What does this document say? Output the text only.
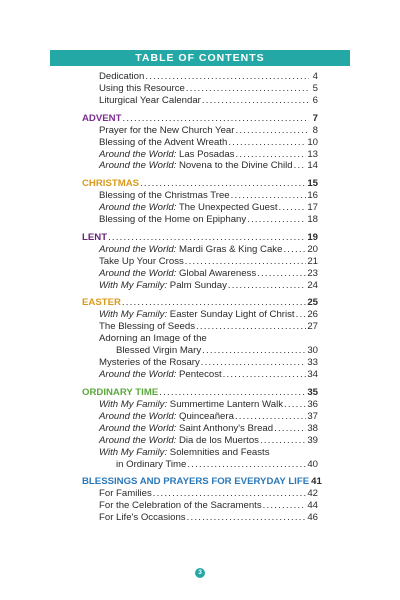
TABLE OF CONTENTS
Dedication .....	4
Using this Resource .....	5
Liturgical Year Calendar .....	6
ADVENT .....	7
Prayer for the New Church Year .....	8
Blessing of the Advent Wreath .....	10
Around the World: Las Posadas .....	13
Around the World: Novena to the Divine Child ..... 14
CHRISTMAS .....	15
Blessing of the Christmas Tree .....	16
Around the World: The Unexpected Guest .....	17
Blessing of the Home on Epiphany .....	18
LENT .....	19
Around the World: Mardi Gras & King Cake .....	20
Take Up Your Cross .....	21
Around the World: Global Awareness .....	23
With My Family: Palm Sunday .....	24
EASTER .....	25
With My Family: Easter Sunday Light of Christ ..... 26
The Blessing of Seeds .....	27
Adorning an Image of the
Blessed Virgin Mary .....	30
Mysteries of the Rosary .....	33
Around the World: Pentecost .....	34
ORDINARY TIME .....	35
With My Family: Summertime Lantern Walk .....	36
Around the World: Quinceañera .....	37
Around the World: Saint Anthony's Bread .....	38
Around the World: Dia de los Muertos .....	39
With My Family: Solemnities and Feasts
in Ordinary Time .....	40
BLESSINGS AND PRAYERS FOR EVERYDAY LIFE 41
For Families .....	42
For the Celebration of the Sacraments .....	44
For Life's Occasions .....	46
3
